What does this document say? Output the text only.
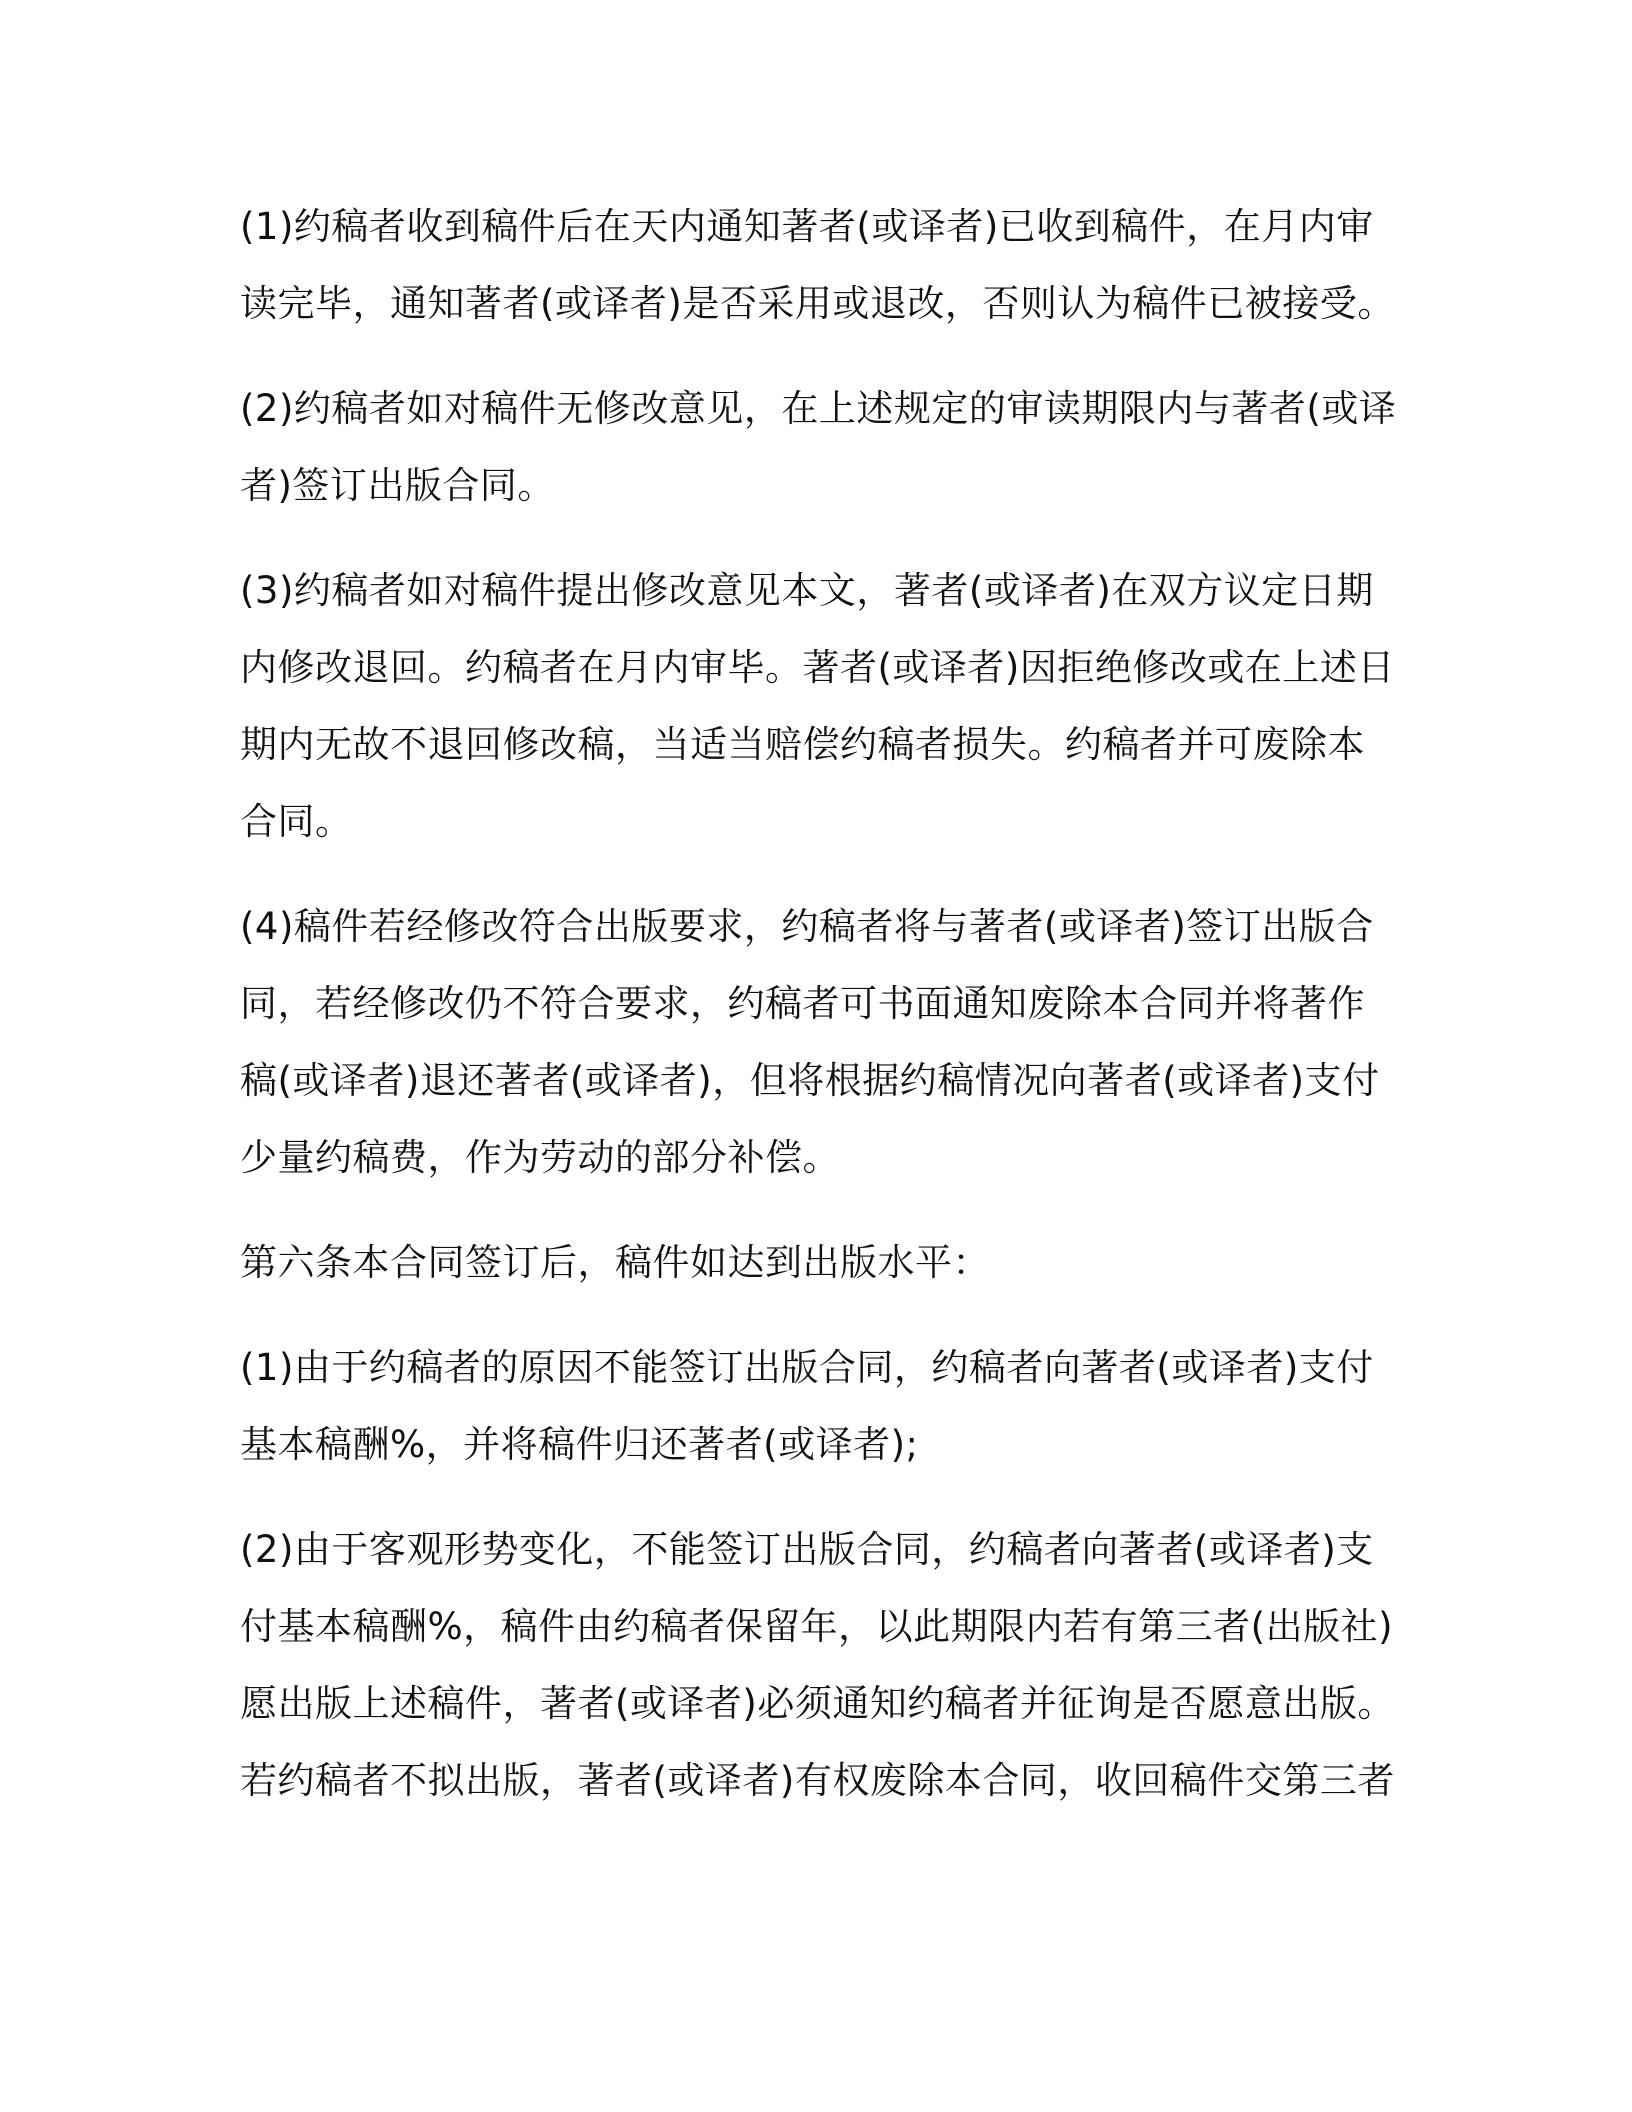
(1)约稿者收到稿件后在天内通知著者(或译者)已收到稿件，在月内审
读完毕，通知著者(或译者)是否采用或退改，否则认为稿件已被接受。
(2)约稿者如对稿件无修改意见，在上述规定的审读期限内与著者(或译
者)签订出版合同。
(3)约稿者如对稿件提出修改意见本文，著者(或译者)在双方议定日期
内修改退回。约稿者在月内审毕。著者(或译者)因拒绝修改或在上述日
期内无故不退回修改稿，当适当赔偿约稿者损失。约稿者并可废除本
合同。
(4)稿件若经修改符合出版要求，约稿者将与著者(或译者)签订出版合
同，若经修改仍不符合要求，约稿者可书面通知废除本合同并将著作
稿(或译者)退还著者(或译者)，但将根据约稿情况向著者(或译者)支付
少量约稿费，作为劳动的部分补偿。
第六条本合同签订后，稿件如达到出版水平：
(1)由于约稿者的原因不能签订出版合同，约稿者向著者(或译者)支付
基本稿酬%，并将稿件归还著者(或译者);
(2)由于客观形势变化，不能签订出版合同，约稿者向著者(或译者)支
付基本稿酬%，稿件由约稿者保留年，以此期限内若有第三者(出版社)
愿出版上述稿件，著者(或译者)必须通知约稿者并征询是否愿意出版。
若约稿者不拟出版，著者(或译者)有权废除本合同，收回稿件交第三者
